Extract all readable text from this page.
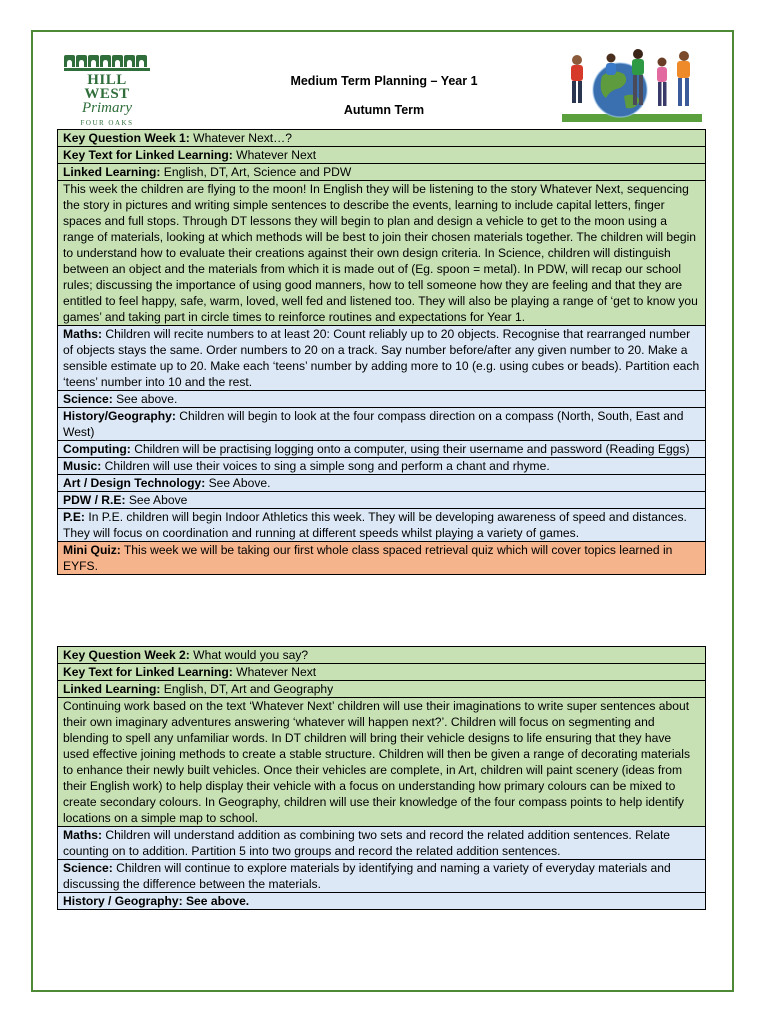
HILL WEST
Primary
FOUR OAKS
Medium Term Planning – Year 1
Autumn Term
Key Question Week 1: Whatever Next…?
Key Text for Linked Learning: Whatever Next
Linked Learning: English, DT, Art, Science and PDW
This week the children are flying to the moon! In English they will be listening to the story Whatever Next, sequencing the story in pictures and writing simple sentences to describe the events, learning to include capital letters, finger spaces and full stops. Through DT lessons they will begin to plan and design a vehicle to get to the moon using a range of materials, looking at which methods will be best to join their chosen materials together. The children will begin to understand how to evaluate their creations against their own design criteria. In Science, children will distinguish between an object and the materials from which it is made out of (Eg. spoon = metal). In PDW, will recap our school rules; discussing the importance of using good manners, how to tell someone how they are feeling and that they are entitled to feel happy, safe, warm, loved, well fed and listened too. They will also be playing a range of ‘get to know you games’ and taking part in circle times to reinforce routines and expectations for Year 1.
Maths: Children will recite numbers to at least 20: Count reliably up to 20 objects. Recognise that rearranged number of objects stays the same. Order numbers to 20 on a track. Say number before/after any given number to 20. Make a sensible estimate up to 20. Make each ‘teens’ number by adding more to 10 (e.g. using cubes or beads). Partition each ‘teens’ number into 10 and the rest.
Science: See above.
History/Geography: Children will begin to look at the four compass direction on a compass (North, South, East and West)
Computing: Children will be practising logging onto a computer, using their username and password (Reading Eggs)
Music: Children will use their voices to sing a simple song and perform a chant and rhyme.
Art / Design Technology: See Above.
PDW / R.E: See Above
P.E: In P.E. children will begin Indoor Athletics this week. They will be developing awareness of speed and distances. They will focus on coordination and running at different speeds whilst playing a variety of games.
Mini Quiz: This week we will be taking our first whole class spaced retrieval quiz which will cover topics learned in EYFS.
Key Question Week 2: What would you say?
Key Text for Linked Learning: Whatever Next
Linked Learning: English, DT, Art and Geography
Continuing work based on the text ‘Whatever Next’ children will use their imaginations to write super sentences about their own imaginary adventures answering ‘whatever will happen next?’. Children will focus on segmenting and blending to spell any unfamiliar words. In DT children will bring their vehicle designs to life ensuring that they have used effective joining methods to create a stable structure. Children will then be given a range of decorating materials to enhance their newly built vehicles. Once their vehicles are complete, in Art, children will paint scenery (ideas from their English work) to help display their vehicle with a focus on understanding how primary colours can be mixed to create secondary colours. In Geography, children will use their knowledge of the four compass points to help identify locations on a simple map to school.
Maths: Children will understand addition as combining two sets and record the related addition sentences. Relate counting on to addition. Partition 5 into two groups and record the related addition sentences.
Science: Children will continue to explore materials by identifying and naming a variety of everyday materials and discussing the difference between the materials.
History / Geography: See above.
